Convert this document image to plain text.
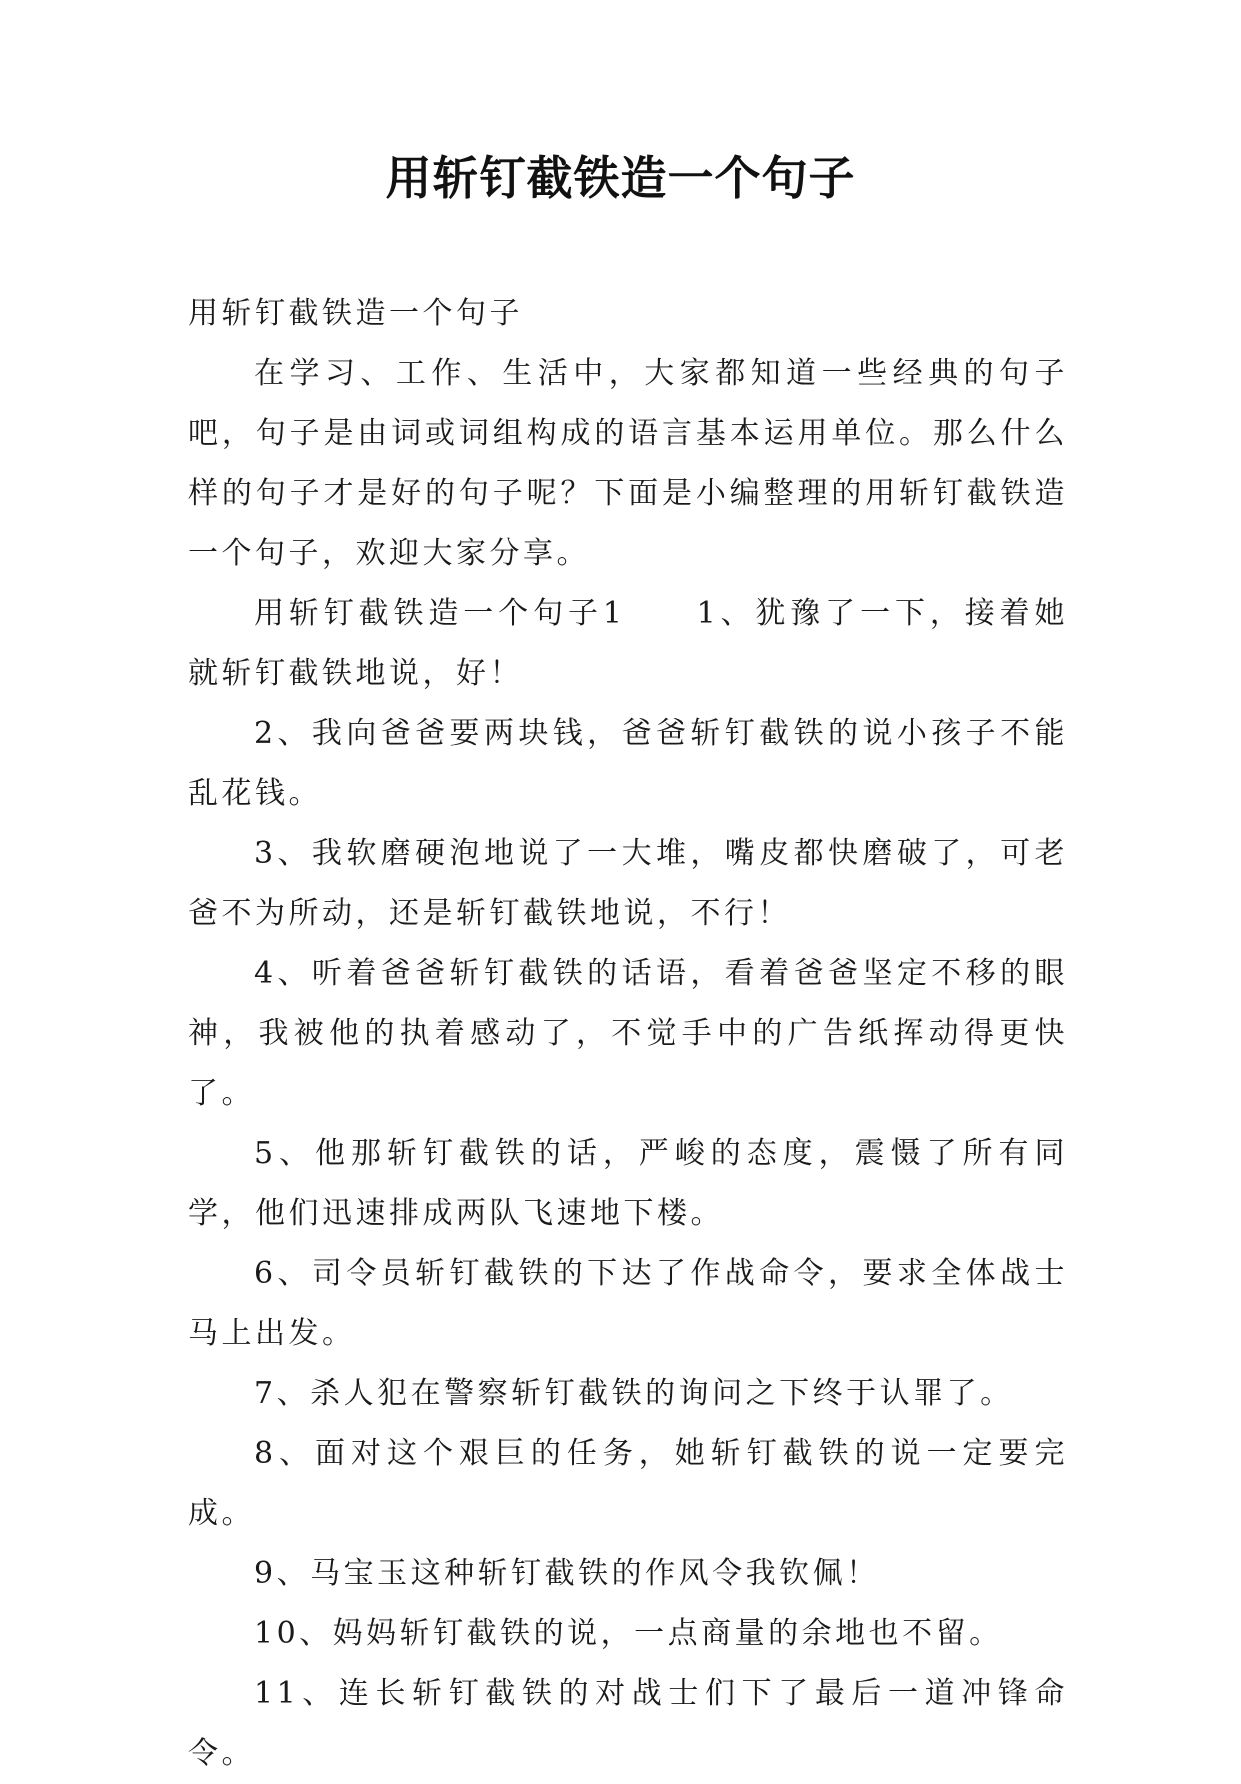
用斩钉截铁造一个句子

用斩钉截铁造一个句子

在学习、工作、生活中，大家都知道一些经典的句子吧，句子是由词或词组构成的语言基本运用单位。那么什么样的句子才是好的句子呢？下面是小编整理的用斩钉截铁造一个句子，欢迎大家分享。

用斩钉截铁造一个句子1　　1、犹豫了一下，接着她就斩钉截铁地说，好！

2、我向爸爸要两块钱，爸爸斩钉截铁的说小孩子不能乱花钱。

3、我软磨硬泡地说了一大堆，嘴皮都快磨破了，可老爸不为所动，还是斩钉截铁地说，不行！

4、听着爸爸斩钉截铁的话语，看着爸爸坚定不移的眼神，我被他的执着感动了，不觉手中的广告纸挥动得更快了。

5、他那斩钉截铁的话，严峻的态度，震慑了所有同学，他们迅速排成两队飞速地下楼。

6、司令员斩钉截铁的下达了作战命令，要求全体战士马上出发。

7、杀人犯在警察斩钉截铁的询问之下终于认罪了。

8、面对这个艰巨的任务，她斩钉截铁的说一定要完成。

9、马宝玉这种斩钉截铁的作风令我钦佩！

10、妈妈斩钉截铁的说，一点商量的余地也不留。

11、连长斩钉截铁的对战士们下了最后一道冲锋命令。
